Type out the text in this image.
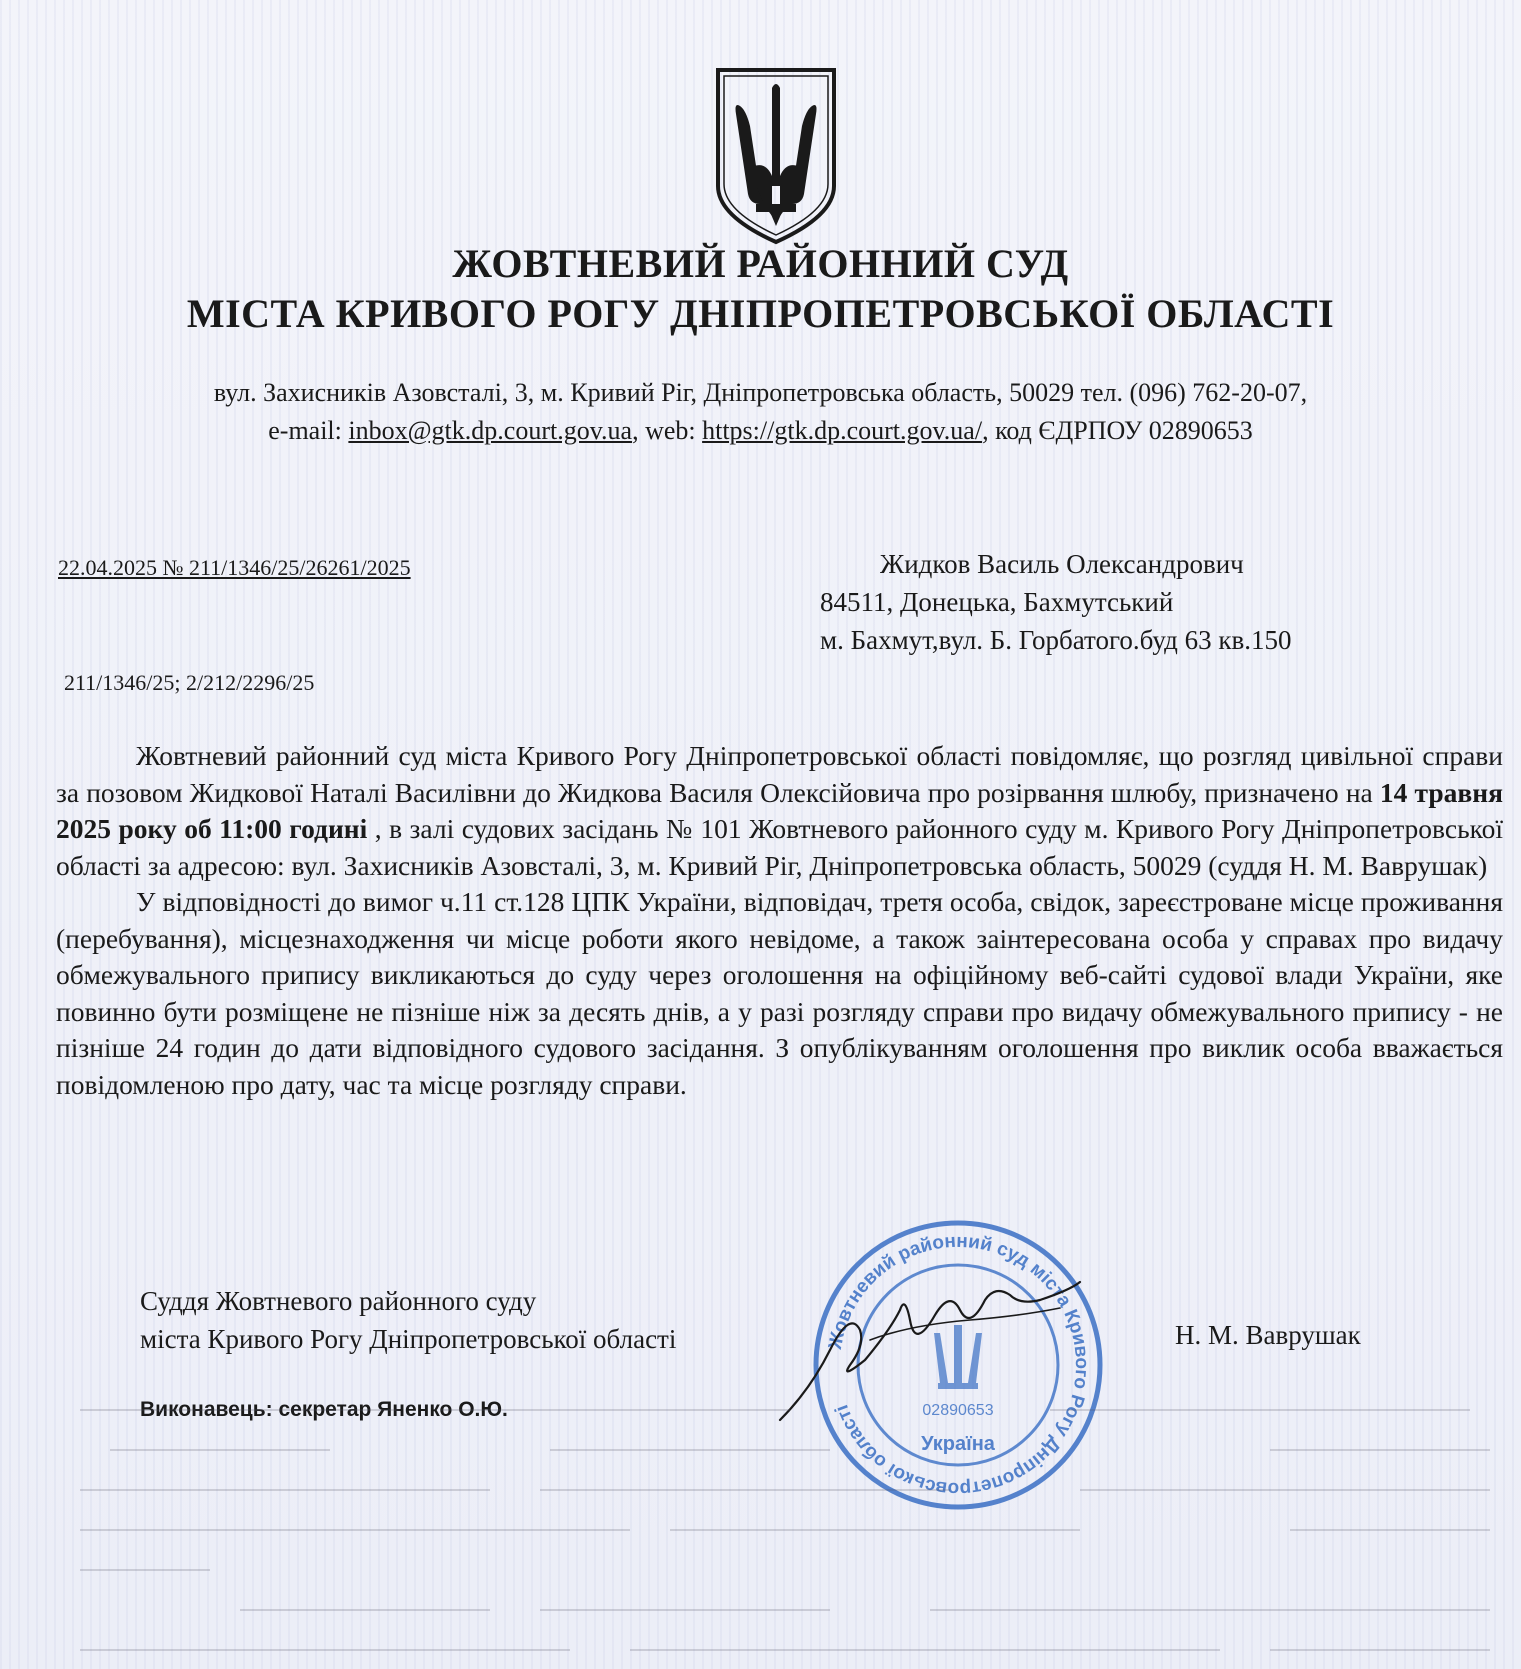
ЖОВТНЕВИЙ РАЙОННИЙ СУД
МІСТА КРИВОГО РОГУ ДНІПРОПЕТРОВСЬКОЇ ОБЛАСТІ

вул. Захисників Азовсталі, 3, м. Кривий Ріг, Дніпропетровська область, 50029 тел. (096) 762-20-07,

e-mail: inbox@gtk.dp.court.gov.ua, web: https://gtk.dp.court.gov.ua/, код ЄДРПОУ 02890653

22.04.2025 № 211/1346/25/26261/2025	Жидков Василь Олександрович
84511, Донецька, Бахмутський
м. Бахмут,вул. Б. Горбатого.буд 63 кв.150
211/1346/25; 2/212/2296/25

Жовтневий районний суд міста Кривого Рогу Дніпропетровської області повідомляє, що розгляд цивільної справи за позовом Жидкової Наталі Василівни до Жидкова Василя Олексійовича про розірвання шлюбу, призначено на 14 травня 2025 року об 11:00 годині , в залі судових засідань № 101 Жовтневого районного суду м. Кривого Рогу Дніпропетровської області за адресою: вул. Захисників Азовсталі, 3, м. Кривий Ріг, Дніпропетровська область, 50029 (суддя Н. М. Ваврушак)

У відповідності до вимог ч.11 ст.128 ЦПК України, відповідач, третя особа, свідок, зареєстроване місце проживання (перебування), місцезнаходження чи місце роботи якого невідоме, а також заінтересована особа у справах про видачу обмежувального припису викликаються до суду через оголошення на офіційному веб-сайті судової влади України, яке повинно бути розміщене не пізніше ніж за десять днів, а у разі розгляду справи про видачу обмежувального припису - не пізніше 24 годин до дати відповідного судового засідання. З опублікуванням оголошення про виклик особа вважається повідомленою про дату, час та місце розгляду справи.

Суддя Жовтневого районного суду
міста Кривого Рогу Дніпропетровської області	Н. М. Ваврушак
Виконавець: секретар Яненко О.Ю.
Жовтневий районний суд міста Кривого Рогу Дніпропетровської області
Україна
02890653
